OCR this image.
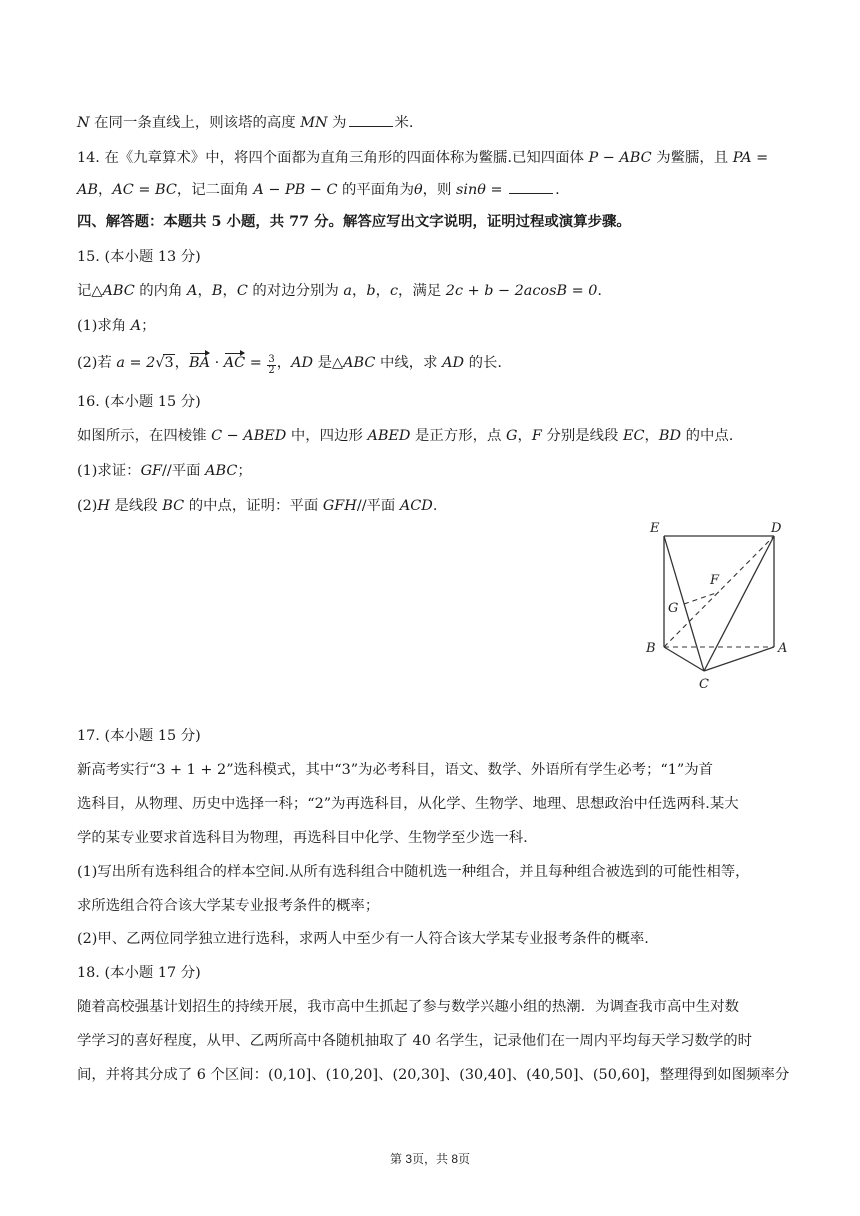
N 在同一条直线上，则该塔的高度 MN 为	米.
14. 在《九章算术》中，将四个面都为直角三角形的四面体称为鳖臑.已知四面体 P − ABC 为鳖臑，且 PA =
AB，AC = BC，记二面角 A − PB − C 的平面角为θ，则 sinθ =	.
四、解答题：本题共 5 小题，共 77 分。解答应写出文字说明，证明过程或演算步骤。
15. (本小题 13 分)
记△ABC 的内角 A，B，C 的对边分别为 a，b，c，满足 2c + b − 2acosB = 0.
(1)求角 A；
(2)若 a = 2√3，BA · AC = $\frac{3}{2}$ ，AD 是△ABC 中线，求 AD 的长.
16. (本小题 15 分)
如图所示，在四棱锥 C − ABED 中，四边形 ABED 是正方形，点 G，F 分别是线段 EC，BD 的中点.
(1)求证：GF//平面 ABC；
(2)H 是线段 BC 的中点，证明：平面 GFH//平面 ACD.
E	D
F
G
B	A
C
17. (本小题 15 分)
新高考实行“3 + 1 + 2”选科模式，其中“3”为必考科目，语文、数学、外语所有学生必考；“1”为首
选科目，从物理、历史中选择一科；“2”为再选科目，从化学、生物学、地理、思想政治中任选两科.某大
学的某专业要求首选科目为物理，再选科目中化学、生物学至少选一科.
(1)写出所有选科组合的样本空间.从所有选科组合中随机选一种组合，并且每种组合被选到的可能性相等，
求所选组合符合该大学某专业报考条件的概率；
(2)甲、乙两位同学独立进行选科，求两人中至少有一人符合该大学某专业报考条件的概率.
18. (本小题 17 分)
随着高校强基计划招生的持续开展，我市高中生抓起了参与数学兴趣小组的热潮．为调查我市高中生对数
学学习的喜好程度，从甲、乙两所高中各随机抽取了 40 名学生，记录他们在一周内平均每天学习数学的时
间，并将其分成了 6 个区间：(0,10]、(10,20]、(20,30]、(30,40]、(40,50]、(50,60]，整理得到如图频率分
第 3页，共 8页
